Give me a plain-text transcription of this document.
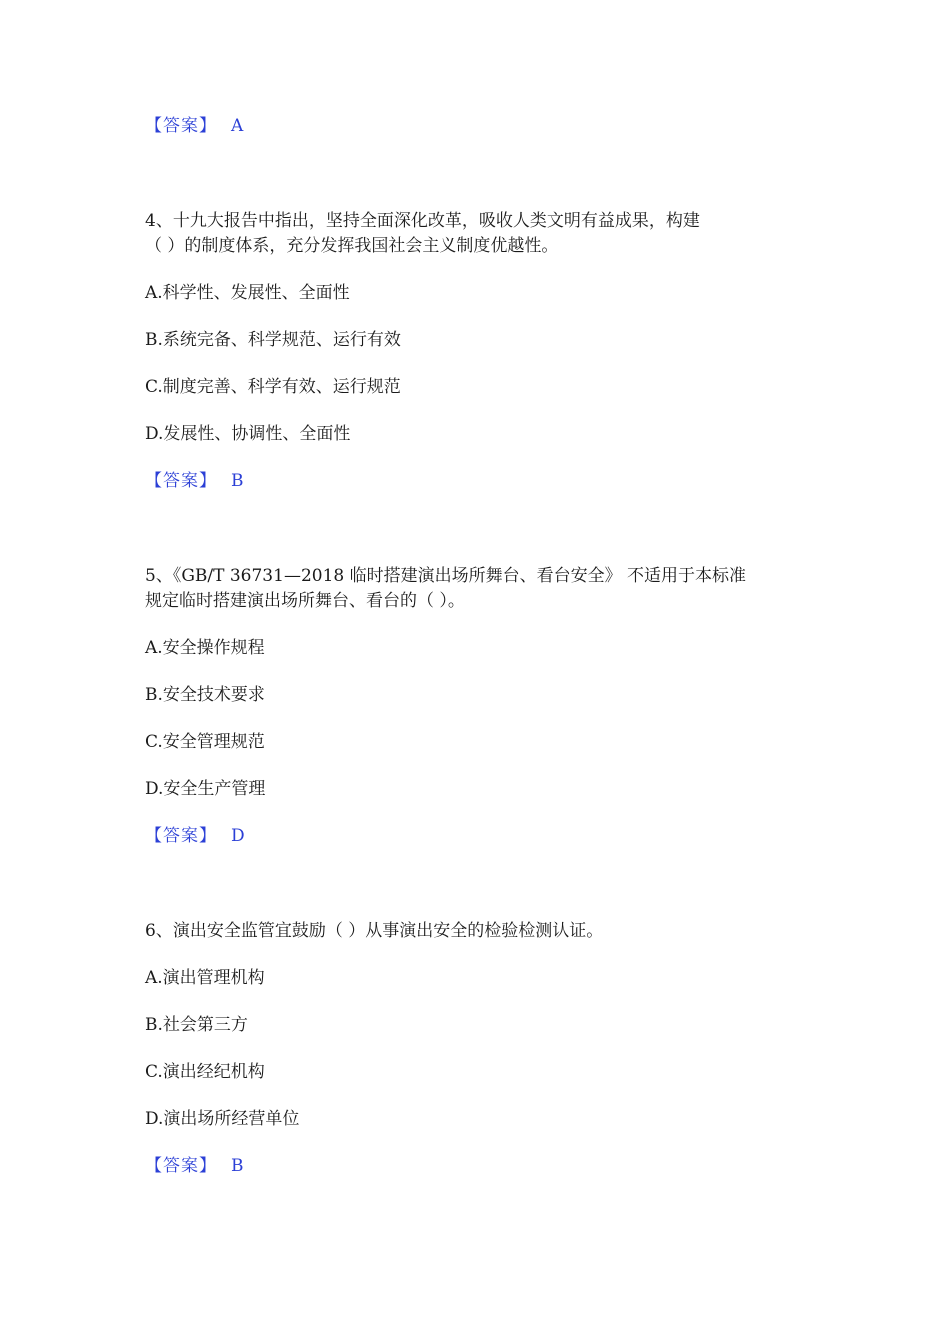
【答案】 A
4、十九大报告中指出，坚持全面深化改革，吸收人类文明有益成果，构建
（ ）的制度体系，充分发挥我国社会主义制度优越性。
A.科学性、发展性、全面性
B.系统完备、科学规范、运行有效
C.制度完善、科学有效、运行规范
D.发展性、协调性、全面性
【答案】 B
5、《GB/T 36731—2018 临时搭建演出场所舞台、看台安全》 不适用于本标准
规定临时搭建演出场所舞台、看台的（ ）。
A.安全操作规程
B.安全技术要求
C.安全管理规范
D.安全生产管理
【答案】 D
6、演出安全监管宜鼓励（ ）从事演出安全的检验检测认证。
A.演出管理机构
B.社会第三方
C.演出经纪机构
D.演出场所经营单位
【答案】 B
